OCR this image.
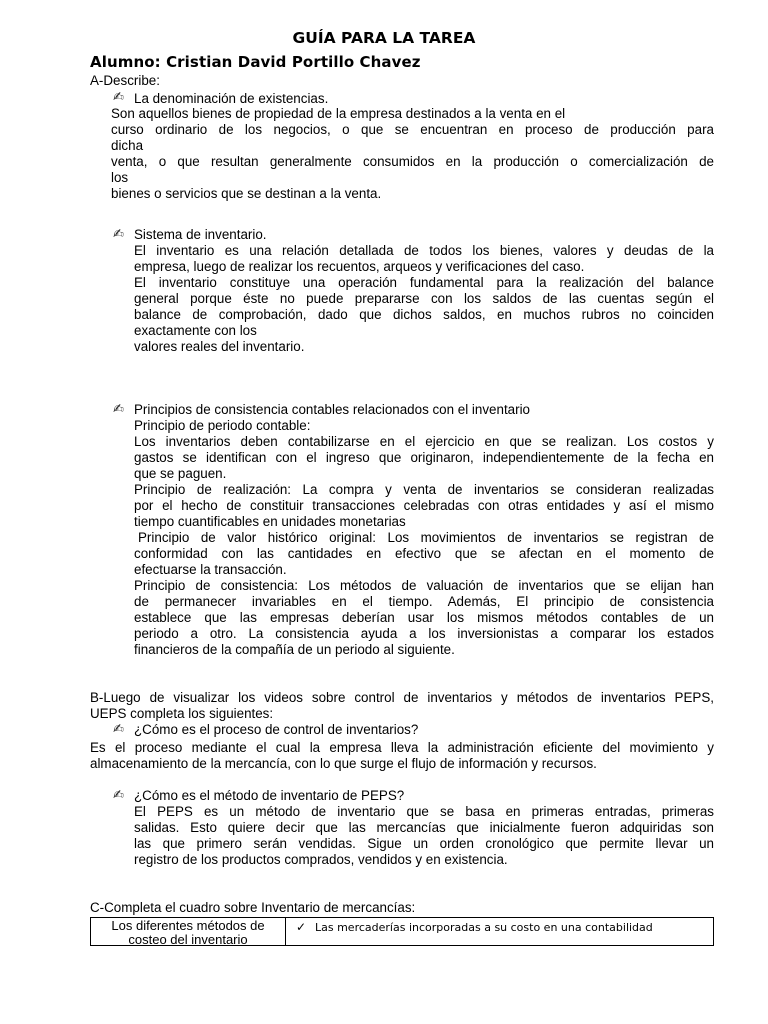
GUÍA PARA LA TAREA
Alumno: Cristian David Portillo Chavez
A-Describe:
✍ La denominación de existencias.
Son aquellos bienes de propiedad de la empresa destinados a la venta en el
curso ordinario de los negocios, o que se encuentran en proceso de producción para
dicha
venta, o que resultan generalmente consumidos en la producción o comercialización de
los
bienes o servicios que se destinan a la venta.
✍ Sistema de inventario.
El inventario es una relación detallada de todos los bienes, valores y deudas de la
empresa, luego de realizar los recuentos, arqueos y verificaciones del caso.
El inventario constituye una operación fundamental para la realización del balance
general porque éste no puede prepararse con los saldos de las cuentas según el
balance de comprobación, dado que dichos saldos, en muchos rubros no coinciden
exactamente con los
valores reales del inventario.
✍ Principios de consistencia contables relacionados con el inventario
Principio de periodo contable:
Los inventarios deben contabilizarse en el ejercicio en que se realizan. Los costos y
gastos se identifican con el ingreso que originaron, independientemente de la fecha en
que se paguen.
Principio de realización: La compra y venta de inventarios se consideran realizadas
por el hecho de constituir transacciones celebradas con otras entidades y así el mismo
tiempo cuantificables en unidades monetarias
Principio de valor histórico original: Los movimientos de inventarios se registran de
conformidad con las cantidades en efectivo que se afectan en el momento de
efectuarse la transacción.
Principio de consistencia: Los métodos de valuación de inventarios que se elijan han
de permanecer invariables en el tiempo. Además, El principio de consistencia
establece que las empresas deberían usar los mismos métodos contables de un
periodo a otro. La consistencia ayuda a los inversionistas a comparar los estados
financieros de la compañía de un periodo al siguiente.
B-Luego de visualizar los videos sobre control de inventarios y métodos de inventarios PEPS,
UEPS completa los siguientes:
✍ ¿Cómo es el proceso de control de inventarios?
Es el proceso mediante el cual la empresa lleva la administración eficiente del movimiento y
almacenamiento de la mercancía, con lo que surge el flujo de información y recursos.
✍ ¿Cómo es el método de inventario de PEPS?
El PEPS es un método de inventario que se basa en primeras entradas, primeras
salidas. Esto quiere decir que las mercancías que inicialmente fueron adquiridas son
las que primero serán vendidas. Sigue un orden cronológico que permite llevar un
registro de los productos comprados, vendidos y en existencia.
C-Completa el cuadro sobre Inventario de mercancías:
Los diferentes métodos de
costeo del inventario
✓ Las mercaderías incorporadas a su costo en una contabilidad
